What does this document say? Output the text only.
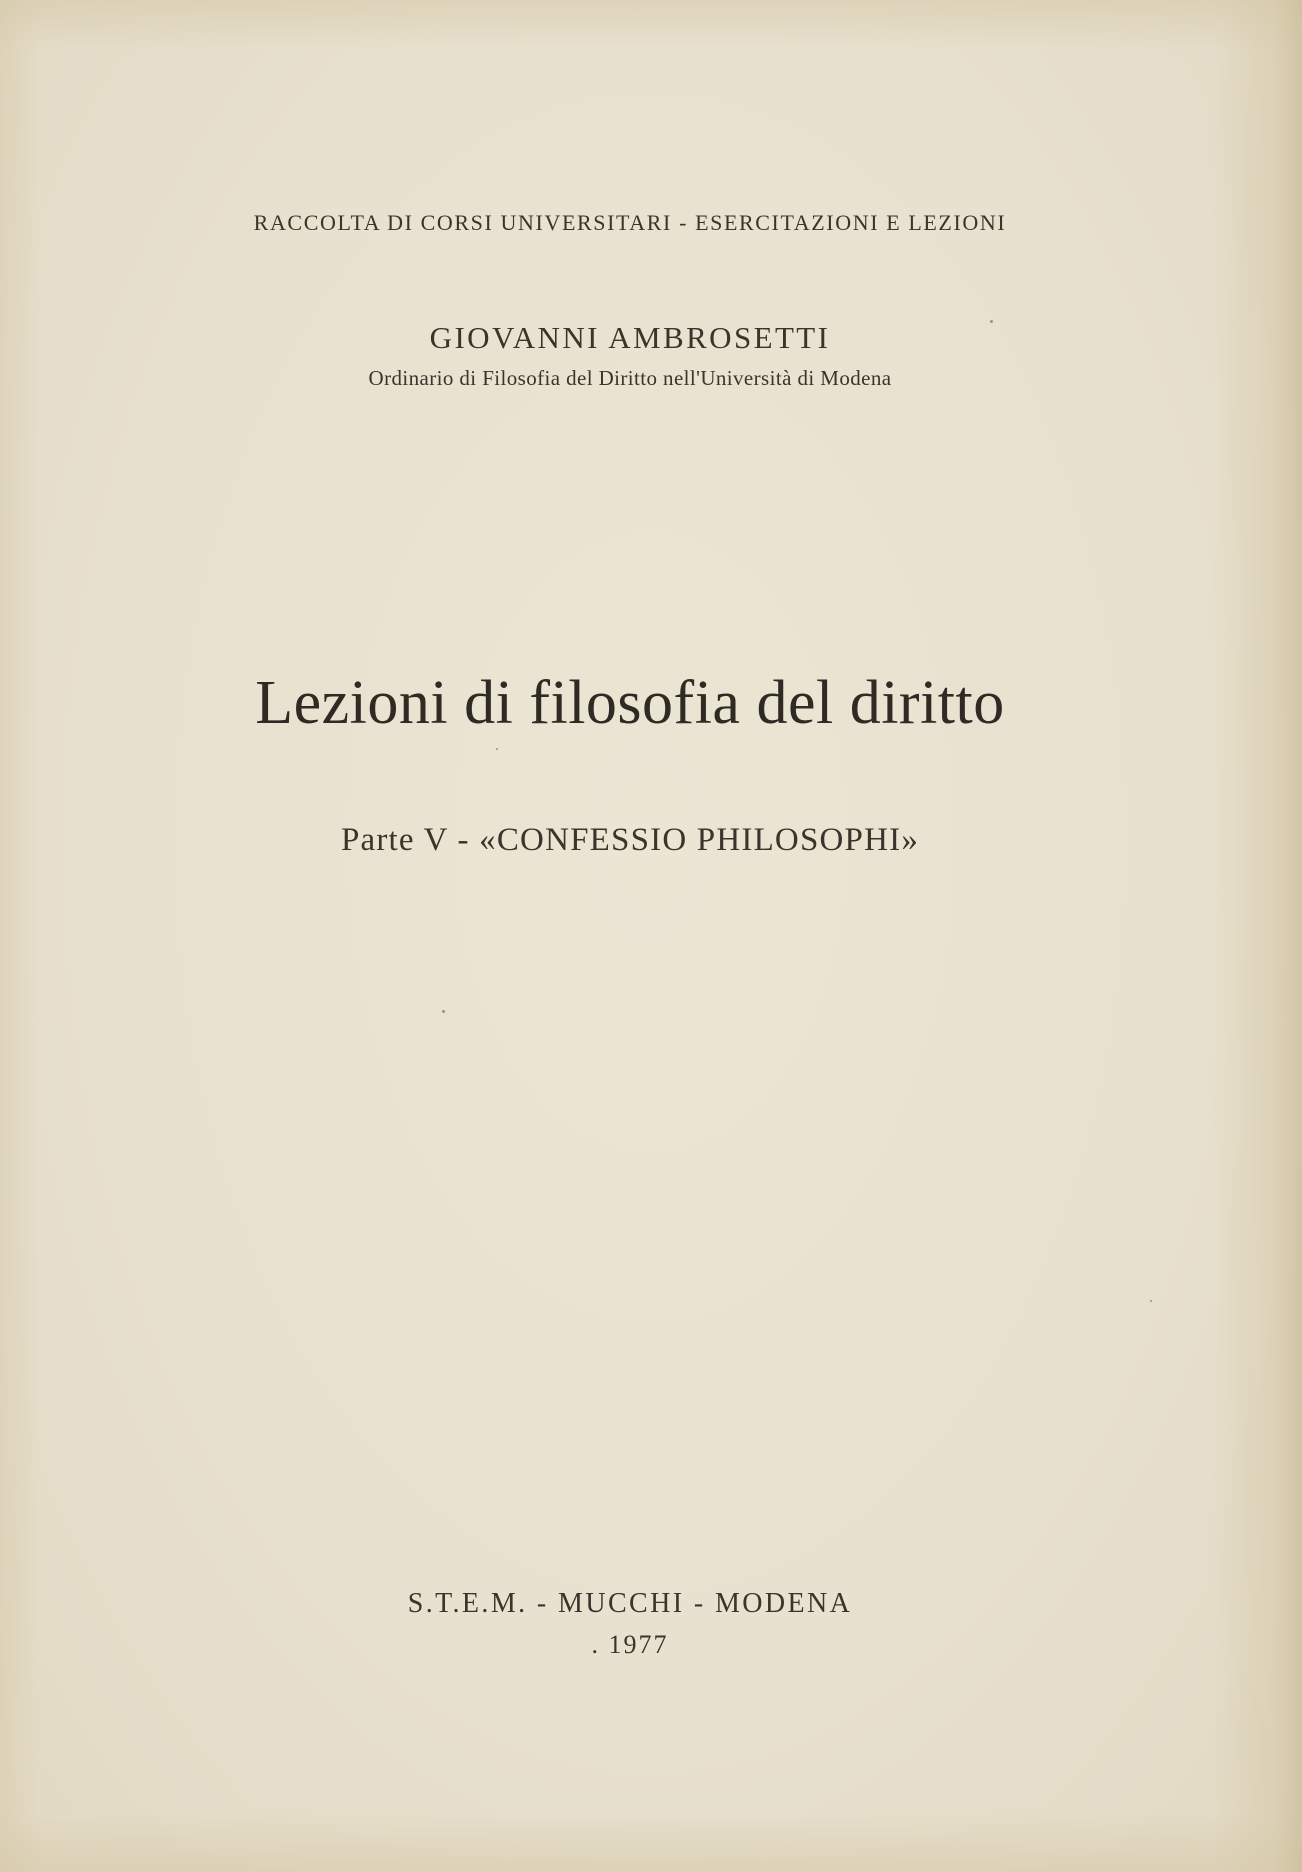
RACCOLTA DI CORSI UNIVERSITARI - ESERCITAZIONI E LEZIONI
GIOVANNI AMBROSETTI
Ordinario di Filosofia del Diritto nell'Università di Modena
Lezioni di filosofia del diritto
Parte V - «CONFESSIO PHILOSOPHI»
S.T.E.M. - MUCCHI - MODENA
. 1977
